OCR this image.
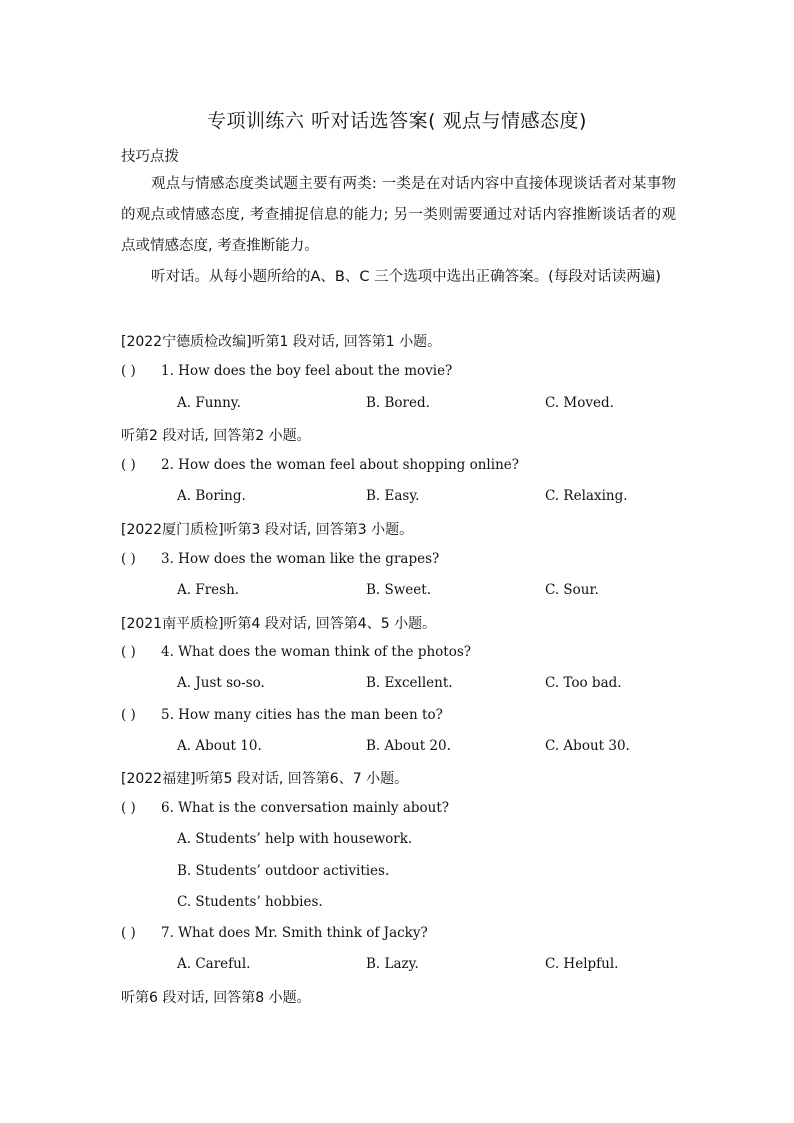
专项训练六 听对话选答案( 观点与情感态度)
技巧点拨
观点与情感态度类试题主要有两类: 一类是在对话内容中直接体现谈话者对某事物的观点或情感态度, 考查捕捉信息的能力; 另一类则需要通过对话内容推断谈话者的观点或情感态度, 考查推断能力。
听对话。从每小题所给的A、B、C 三个选项中选出正确答案。(每段对话读两遍)
[2022宁德质检改编]听第1 段对话, 回答第1 小题。
( ) 1. How does the boy feel about the movie?
A. Funny.	B. Bored.	C. Moved.
听第2 段对话, 回答第2 小题。
( ) 2. How does the woman feel about shopping online?
A. Boring.	B. Easy.	C. Relaxing.
[2022厦门质检]听第3 段对话, 回答第3 小题。
( ) 3. How does the woman like the grapes?
A. Fresh.	B. Sweet.	C. Sour.
[2021南平质检]听第4 段对话, 回答第4、5 小题。
( ) 4. What does the woman think of the photos?
A. Just so-so.	B. Excellent.	C. Too bad.
( ) 5. How many cities has the man been to?
A. About 10.	B. About 20.	C. About 30.
[2022福建]听第5 段对话, 回答第6、7 小题。
( ) 6. What is the conversation mainly about?
A. Students’ help with housework.
B. Students’ outdoor activities.
C. Students’ hobbies.
( ) 7. What does Mr. Smith think of Jacky?
A. Careful.	B. Lazy.	C. Helpful.
听第6 段对话, 回答第8 小题。
